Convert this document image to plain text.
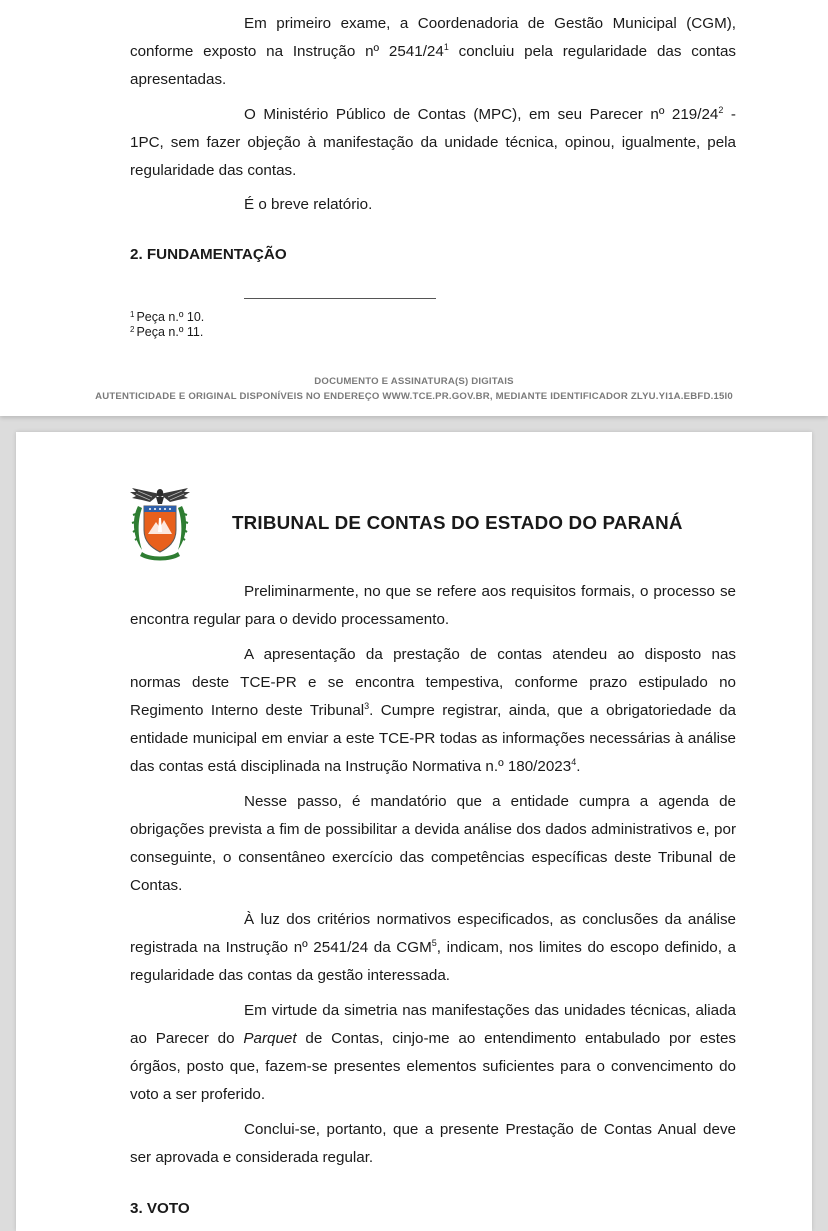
Em primeiro exame, a Coordenadoria de Gestão Municipal (CGM), conforme exposto na Instrução nº $2541/24^1$ concluiu pela regularidade das contas apresentadas.

O Ministério Público de Contas (MPC), em seu Parecer nº $219/24^2 - 1PC$, sem fazer objeção à manifestação da unidade técnica, opinou, igualmente, pela regularidade das contas.

É o breve relatório.

2. FUNDAMENTAÇÃO

$^1$ Peça n.º 10.
$^2$ Peça n.º 11.
DOCUMENTO E ASSINATURA(S) DIGITAIS
AUTENTICIDADE E ORIGINAL DISPONÍVEIS NO ENDEREÇO WWW.TCE.PR.GOV.BR, MEDIANTE IDENTIFICADOR ZLYU.YI1A.EBFD.15I0

TRIBUNAL DE CONTAS DO ESTADO DO PARANÁ

Preliminarmente, no que se refere aos requisitos formais, o processo se encontra regular para o devido processamento.

A apresentação da prestação de contas atendeu ao disposto nas normas deste TCE-PR e se encontra tempestiva, conforme prazo estipulado no Regimento Interno deste Tribunal$^3$. Cumpre registrar, ainda, que a obrigatoriedade da entidade municipal em enviar a este TCE-PR todas as informações necessárias à análise das contas está disciplinada na Instrução Normativa n.º 180/2023$^4$.

Nesse passo, é mandatório que a entidade cumpra a agenda de obrigações prevista a fim de possibilitar a devida análise dos dados administrativos e, por conseguinte, o consentâneo exercício das competências específicas deste Tribunal de Contas.

À luz dos critérios normativos especificados, as conclusões da análise registrada na Instrução nº 2541/24 da CGM$^5$, indicam, nos limites do escopo definido, a regularidade das contas da gestão interessada.

Em virtude da simetria nas manifestações das unidades técnicas, aliada ao Parecer do Parquet de Contas, cinjo-me ao entendimento entabulado por estes órgãos, posto que, fazem-se presentes elementos suficientes para o convencimento do voto a ser proferido.

Conclui-se, portanto, que a presente Prestação de Contas Anual deve ser aprovada e considerada regular.

3. VOTO
